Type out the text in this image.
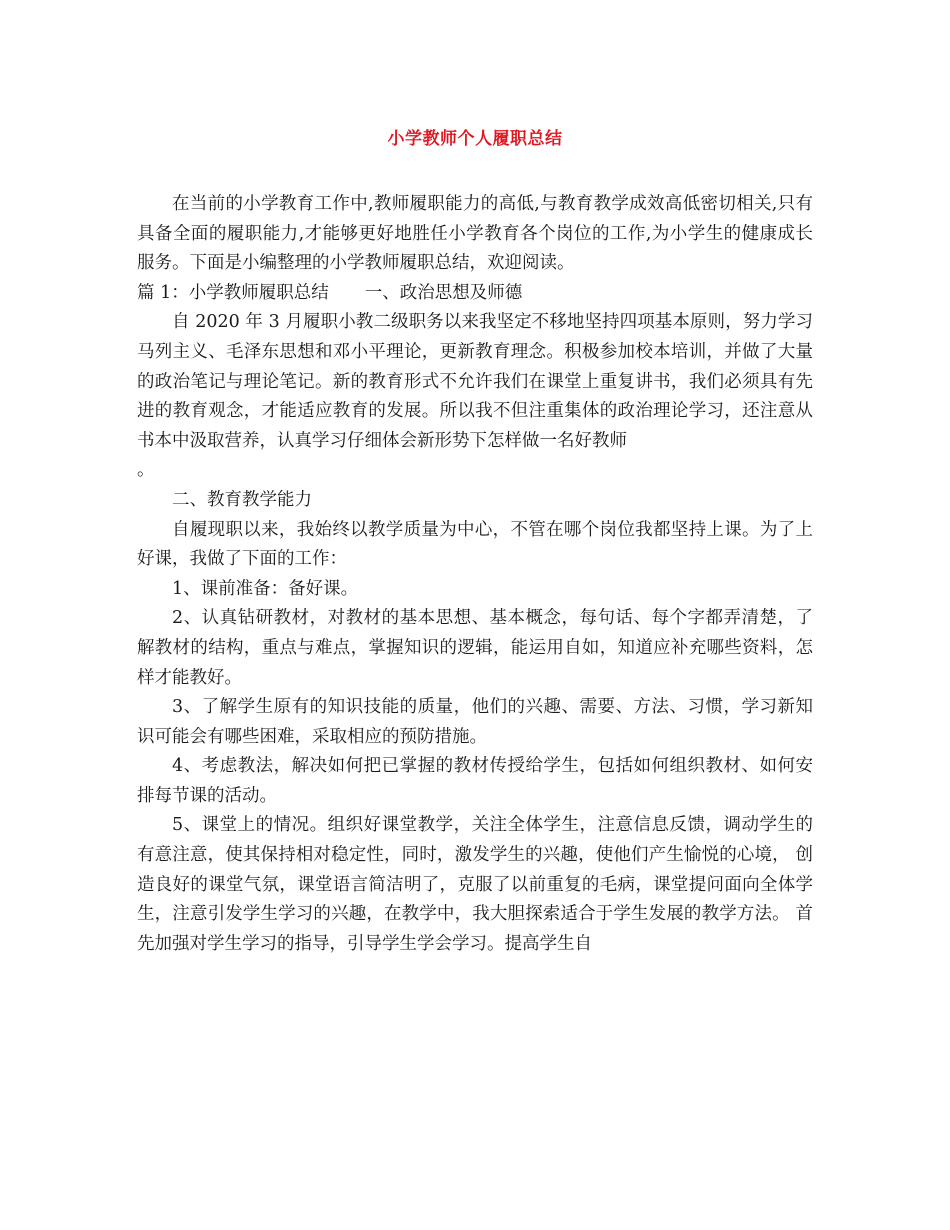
小学教师个人履职总结

在当前的小学教育工作中,教师履职能力的高低,与教育教学成效高低密切相关,只有具备全面的履职能力,才能够更好地胜任小学教育各个岗位的工作,为小学生的健康成长服务。下面是小编整理的小学教师履职总结，欢迎阅读。

篇 1：小学教师履职总结 一、政治思想及师德

自 2020 年 3 月履职小教二级职务以来我坚定不移地坚持四项基本原则，努力学习马列主义、毛泽东思想和邓小平理论，更新教育理念。积极参加校本培训，并做了大量的政治笔记与理论笔记。新的教育形式不允许我们在课堂上重复讲书，我们必须具有先进的教育观念，才能适应教育的发展。所以我不但注重集体的政治理论学习，还注意从书本中汲取营养，认真学习仔细体会新形势下怎样做一名好教师

。

二、教育教学能力

自履现职以来，我始终以教学质量为中心，不管在哪个岗位我都坚持上课。为了上好课，我做了下面的工作：

1、课前准备：备好课。

2、认真钻研教材，对教材的基本思想、基本概念，每句话、每个字都弄清楚，了解教材的结构，重点与难点，掌握知识的逻辑，能运用自如，知道应补充哪些资料，怎样才能教好。

3、了解学生原有的知识技能的质量，他们的兴趣、需要、方法、习惯，学习新知识可能会有哪些困难，采取相应的预防措施。

4、考虑教法，解决如何把已掌握的教材传授给学生，包括如何组织教材、如何安排每节课的活动。

5、课堂上的情况。组织好课堂教学，关注全体学生，注意信息反馈，调动学生的有意注意，使其保持相对稳定性，同时，激发学生的兴趣，使他们产生愉悦的心境， 创造良好的课堂气氛，课堂语言简洁明了，克服了以前重复的毛病，课堂提问面向全体学生，注意引发学生学习的兴趣，在教学中，我大胆探索适合于学生发展的教学方法。 首先加强对学生学习的指导，引导学生学会学习。提高学生自
